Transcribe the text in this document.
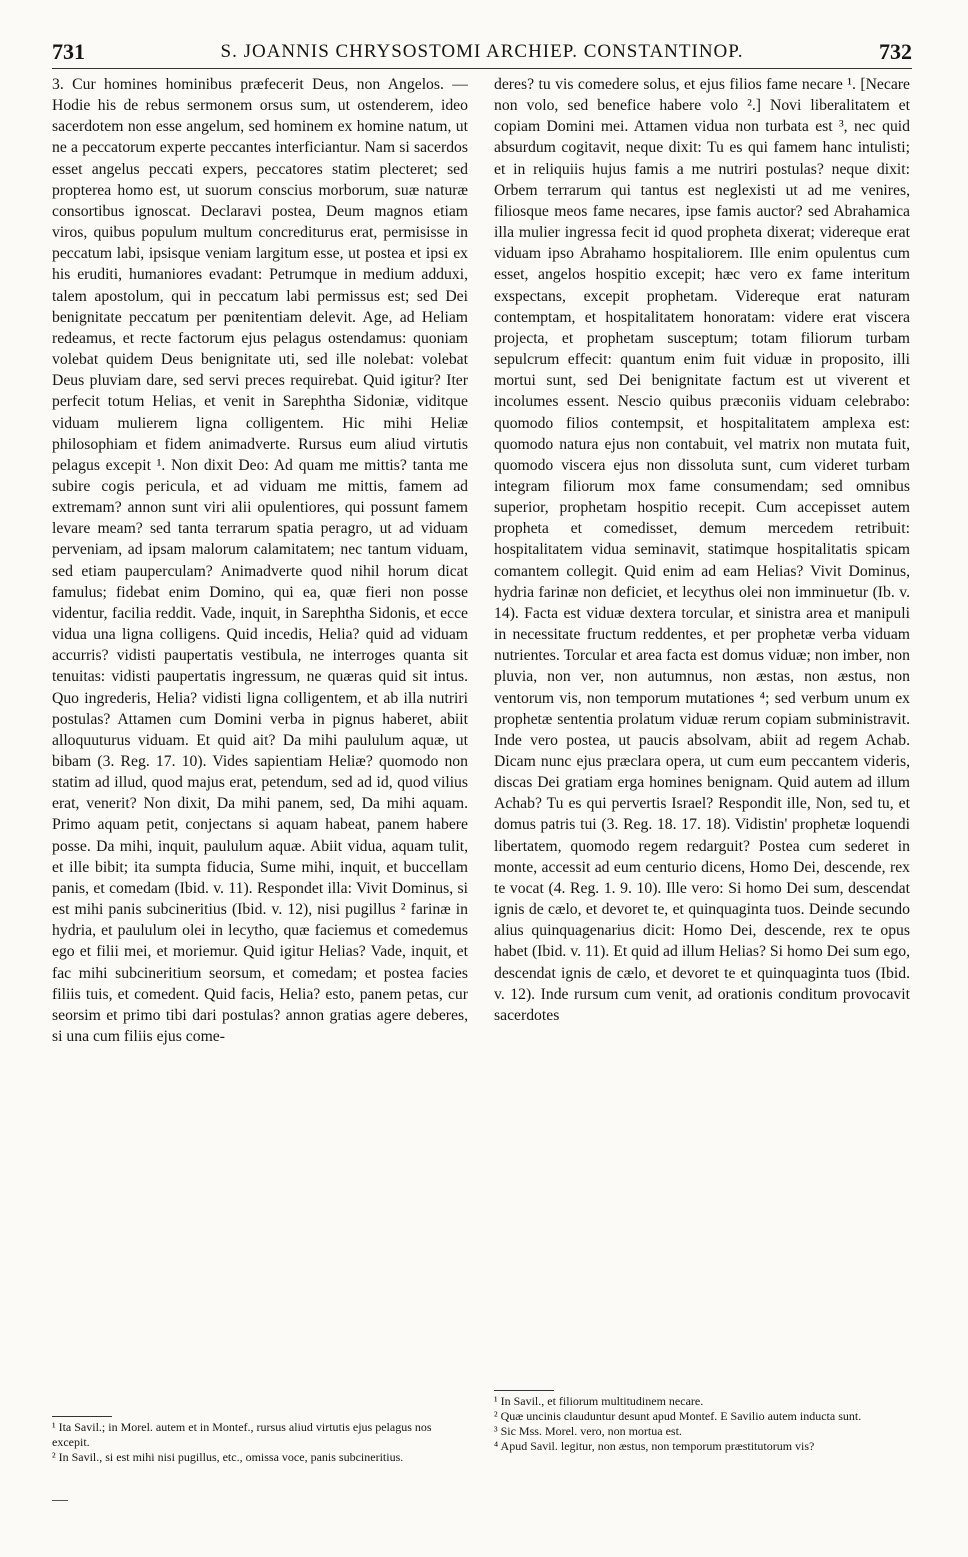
731	S. JOANNIS CHRYSOSTOMI ARCHIEP. CONSTANTINOP.	732

3. Cur homines hominibus præfecerit Deus, non Angelos. — Hodie his de rebus sermonem orsus sum, ut ostenderem, ideo sacerdotem non esse angelum, sed hominem ex homine natum, ut ne a peccatorum experte peccantes interficiantur. Nam si sacerdos esset angelus peccati expers, peccatores statim plecteret; sed propterea homo est, ut suorum conscius morborum, suæ naturæ consortibus ignoscat. Declaravi postea, Deum magnos etiam viros, quibus populum multum concrediturus erat, permisisse in peccatum labi, ipsisque veniam largitum esse, ut postea et ipsi ex his eruditi, humaniores evadant: Petrumque in medium adduxi, talem apostolum, qui in peccatum labi permissus est; sed Dei benignitate peccatum per pœnitentiam delevit. Age, ad Heliam redeamus, et recte factorum ejus pelagus ostendamus: quoniam volebat quidem Deus benignitate uti, sed ille nolebat: volebat Deus pluviam dare, sed servi preces requirebat. Quid igitur? Iter perfecit totum Helias, et venit in Sarephtha Sidoniæ, viditque viduam mulierem ligna colligentem. Hic mihi Heliæ philosophiam et fidem animadverte. Rursus eum aliud virtutis pelagus excepit ¹. Non dixit Deo: Ad quam me mittis? tanta me subire cogis pericula, et ad viduam me mittis, famem ad extremam? annon sunt viri alii opulentiores, qui possunt famem levare meam? sed tanta terrarum spatia peragro, ut ad viduam perveniam, ad ipsam malorum calamitatem; nec tantum viduam, sed etiam pauperculam? Animadverte quod nihil horum dicat famulus; fidebat enim Domino, qui ea, quæ fieri non posse videntur, facilia reddit. Vade, inquit, in Sarephtha Sidonis, et ecce vidua una ligna colligens. Quid incedis, Helia? quid ad viduam accurris? vidisti paupertatis vestibula, ne interroges quanta sit tenuitas: vidisti paupertatis ingressum, ne quæras quid sit intus. Quo ingrederis, Helia? vidisti ligna colligentem, et ab illa nutriri postulas? Attamen cum Domini verba in pignus haberet, abiit alloquuturus viduam. Et quid ait? Da mihi paululum aquæ, ut bibam (3. Reg. 17. 10). Vides sapientiam Heliæ? quomodo non statim ad illud, quod majus erat, petendum, sed ad id, quod vilius erat, venerit? Non dixit, Da mihi panem, sed, Da mihi aquam. Primo aquam petit, conjectans si aquam habeat, panem habere posse. Da mihi, inquit, paululum aquæ. Abiit vidua, aquam tulit, et ille bibit; ita sumpta fiducia, Sume mihi, inquit, et buccellam panis, et comedam (Ibid. v. 11). Respondet illa: Vivit Dominus, si est mihi panis subcineritius (Ibid. v. 12), nisi pugillus ² farinæ in hydria, et paululum olei in lecytho, quæ faciemus et comedemus ego et filii mei, et moriemur. Quid igitur Helias? Vade, inquit, et fac mihi subcineritium seorsum, et comedam; et postea facies filiis tuis, et comedent. Quid facis, Helia? esto, panem petas, cur seorsim et primo tibi dari postulas? annon gratias agere deberes, si una cum filiis ejus come-

deres? tu vis comedere solus, et ejus filios fame necare ¹. [Necare non volo, sed benefice habere volo ².] Novi liberalitatem et copiam Domini mei. Attamen vidua non turbata est ³, nec quid absurdum cogitavit, neque dixit: Tu es qui famem hanc intulisti; et in reliquiis hujus famis a me nutriri postulas? neque dixit: Orbem terrarum qui tantus est neglexisti ut ad me venires, filiosque meos fame necares, ipse famis auctor? sed Abrahamica illa mulier ingressa fecit id quod propheta dixerat; videreque erat viduam ipso Abrahamo hospitaliorem. Ille enim opulentus cum esset, angelos hospitio excepit; hæc vero ex fame interitum exspectans, excepit prophetam. Videreque erat naturam contemptam, et hospitalitatem honoratam: videre erat viscera projecta, et prophetam susceptum; totam filiorum turbam sepulcrum effecit: quantum enim fuit viduæ in proposito, illi mortui sunt, sed Dei benignitate factum est ut viverent et incolumes essent. Nescio quibus præconiis viduam celebrabo: quomodo filios contempsit, et hospitalitatem amplexa est: quomodo natura ejus non contabuit, vel matrix non mutata fuit, quomodo viscera ejus non dissoluta sunt, cum videret turbam integram filiorum mox fame consumendam; sed omnibus superior, prophetam hospitio recepit. Cum accepisset autem propheta et comedisset, demum mercedem retribuit: hospitalitatem vidua seminavit, statimque hospitalitatis spicam comantem collegit. Quid enim ad eam Helias? Vivit Dominus, hydria farinæ non deficiet, et lecythus olei non imminuetur (Ib. v. 14). Facta est viduæ dextera torcular, et sinistra area et manipuli in necessitate fructum reddentes, et per prophetæ verba viduam nutrientes. Torcular et area facta est domus viduæ; non imber, non pluvia, non ver, non autumnus, non æstas, non æstus, non ventorum vis, non temporum mutationes ⁴; sed verbum unum ex prophetæ sententia prolatum viduæ rerum copiam subministravit. Inde vero postea, ut paucis absolvam, abiit ad regem Achab. Dicam nunc ejus præclara opera, ut cum eum peccantem videris, discas Dei gratiam erga homines benignam. Quid autem ad illum Achab? Tu es qui pervertis Israel? Respondit ille, Non, sed tu, et domus patris tui (3. Reg. 18. 17. 18). Vidistin' prophetæ loquendi libertatem, quomodo regem redarguit? Postea cum sederet in monte, accessit ad eum centurio dicens, Homo Dei, descende, rex te vocat (4. Reg. 1. 9. 10). Ille vero: Si homo Dei sum, descendat ignis de cælo, et devoret te, et quinquaginta tuos. Deinde secundo alius quinquagenarius dicit: Homo Dei, descende, rex te opus habet (Ibid. v. 11). Et quid ad illum Helias? Si homo Dei sum ego, descendat ignis de cælo, et devoret te et quinquaginta tuos (Ibid. v. 12). Inde rursum cum venit, ad orationis conditum provocavit sacerdotes

¹ Ita Savil.; in Morel. autem et in Montef., rursus aliud virtutis ejus pelagus nos excepit.

² In Savil., si est mihi nisi pugillus, etc., omissa voce, panis subcineritius.

¹ In Savil., et filiorum multitudinem necare.

² Quæ uncinis clauduntur desunt apud Montef. E Savilio autem inducta sunt.

³ Sic Mss. Morel. vero, non mortua est.

⁴ Apud Savil. legitur, non æstus, non temporum præstitutorum vis?
